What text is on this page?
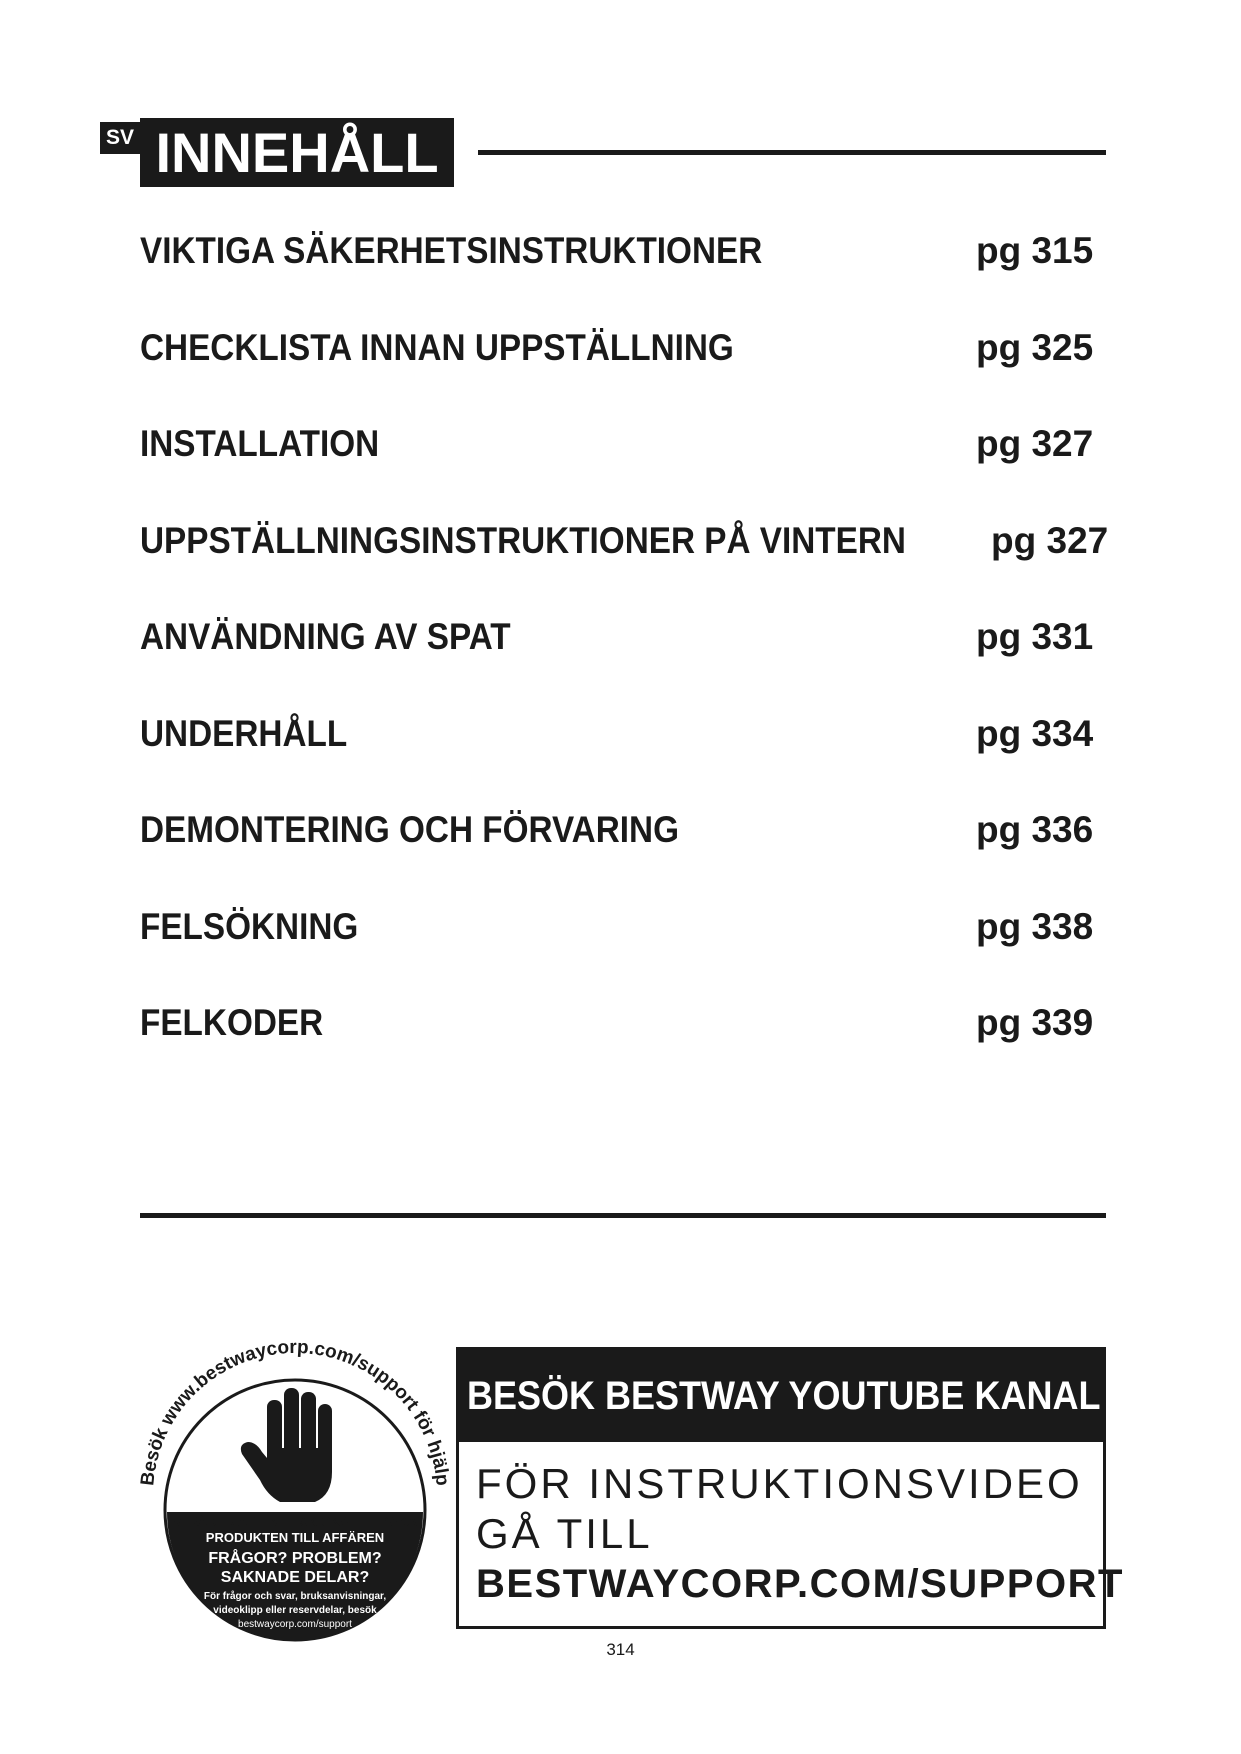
SV INNEHÅLL
VIKTIGA SÄKERHETSINSTRUKTIONER	pg 315
CHECKLISTA INNAN UPPSTÄLLNING	pg 325
INSTALLATION	pg 327
UPPSTÄLLNINGSINSTRUKTIONER PÅ VINTERN pg 327
ANVÄNDNING AV SPAT	pg 331
UNDERHÅLL	pg 334
DEMONTERING OCH FÖRVARING	pg 336
FELSÖKNING	pg 338
FELKODER	pg 339
Besök www.bestwaycorp.com/support för hjälp
VI RÅDER ATT INTE SKICKA TILLBAKA
PRODUKTEN TILL AFFÄREN
FRÅGOR? PROBLEM?
SAKNADE DELAR?
För frågor och svar, bruksanvisningar,
videoklipp eller reservdelar, besök
bestwaycorp.com/support
BESÖK BESTWAY YOUTUBE KANAL
FÖR INSTRUKTIONSVIDEO
GÅ TILL
BESTWAYCORP.COM/SUPPORT
314
